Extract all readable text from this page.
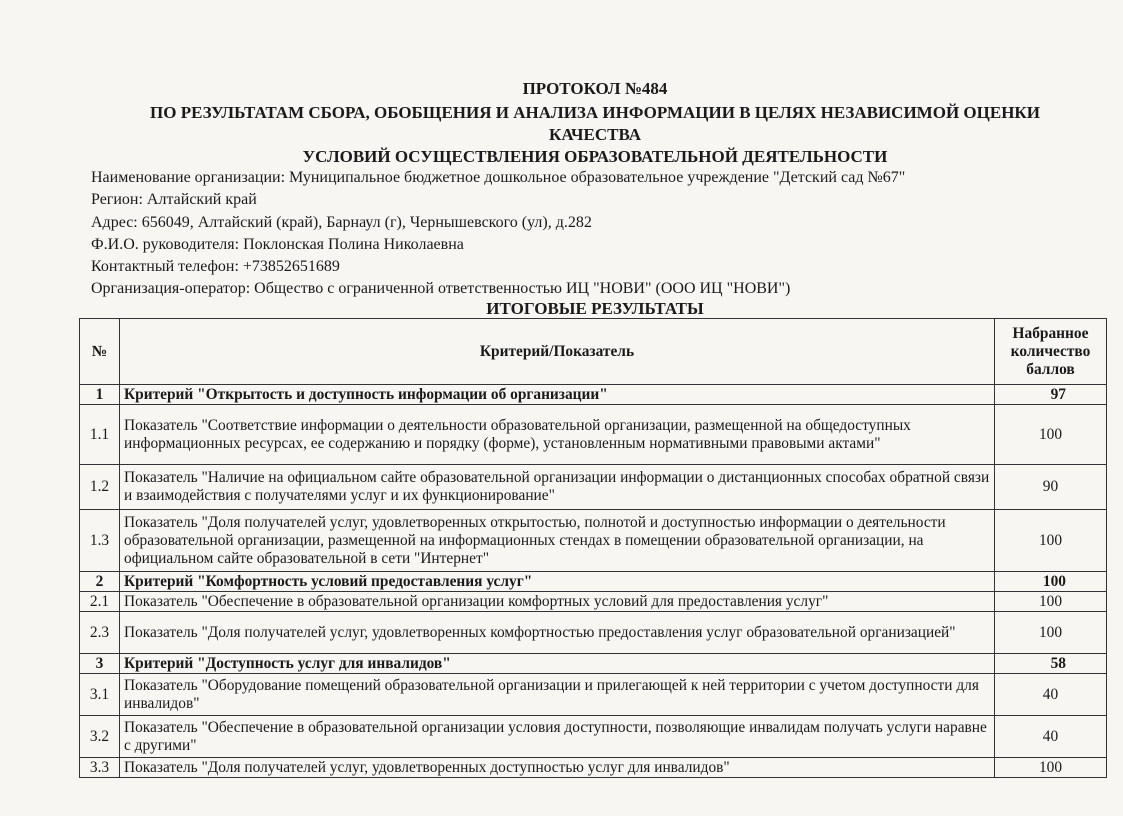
ПРОТОКОЛ №484

ПО РЕЗУЛЬТАТАМ СБОРА, ОБОБЩЕНИЯ И АНАЛИЗА ИНФОРМАЦИИ В ЦЕЛЯХ НЕЗАВИСИМОЙ ОЦЕНКИ

КАЧЕСТВА

УСЛОВИЙ ОСУЩЕСТВЛЕНИЯ ОБРАЗОВАТЕЛЬНОЙ ДЕЯТЕЛЬНОСТИ

Наименование организации: Муниципальное бюджетное дошкольное образовательное учреждение "Детский сад №67"
Регион: Алтайский край
Адрес: 656049, Алтайский (край), Барнаул (г), Чернышевского (ул), д.282
Ф.И.О. руководителя: Поклонская Полина Николаевна
Контактный телефон: +73852651689
Организация-оператор: Общество с ограниченной ответственностью ИЦ "НОВИ" (ООО ИЦ "НОВИ")

ИТОГОВЫЕ РЕЗУЛЬТАТЫ

№	Критерий/Показатель	Набранное количество баллов
1	Критерий "Открытость и доступность информации об организации"	97
1.1	Показатель "Соответствие информации о деятельности образовательной организации, размещенной на общедоступных информационных ресурсах, ее содержанию и порядку (форме), установленным нормативными правовыми актами"	100
1.2	Показатель "Наличие на официальном сайте образовательной организации информации о дистанционных способах обратной связи и взаимодействия с получателями услуг и их функционирование"	90
1.3	Показатель "Доля получателей услуг, удовлетворенных открытостью, полнотой и доступностью информации о деятельности образовательной организации, размещенной на информационных стендах в помещении образовательной организации, на официальном сайте образовательной в сети "Интернет"	100
2	Критерий "Комфортность условий предоставления услуг"	100
2.1	Показатель "Обеспечение в образовательной организации комфортных условий для предоставления услуг"	100
2.3	Показатель "Доля получателей услуг, удовлетворенных комфортностью предоставления услуг образовательной организацией"	100
3	Критерий "Доступность услуг для инвалидов"	58
3.1	Показатель "Оборудование помещений образовательной организации и прилегающей к ней территории с учетом доступности для инвалидов"	40
3.2	Показатель "Обеспечение в образовательной организации условия доступности, позволяющие инвалидам получать услуги наравне с другими"	40
3.3	Показатель "Доля получателей услуг, удовлетворенных доступностью услуг для инвалидов"	100
